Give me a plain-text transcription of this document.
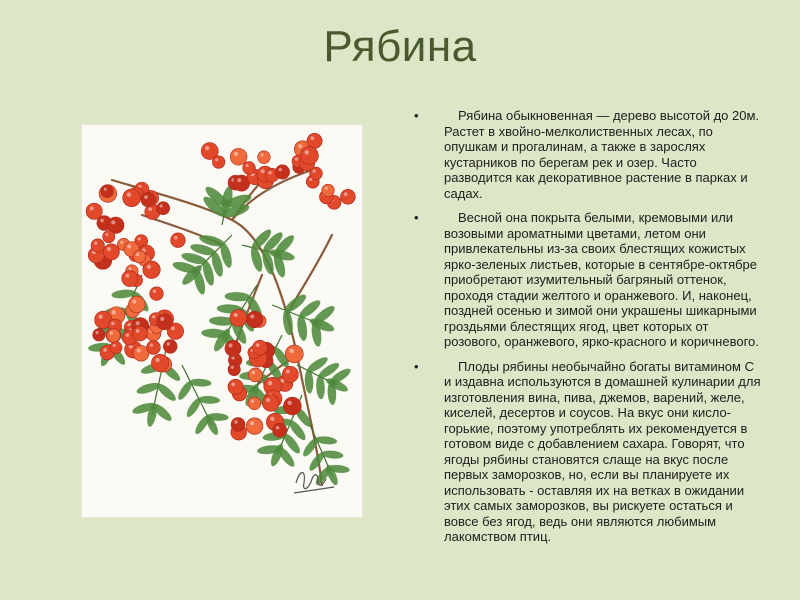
Рябина
•	Рябина обыкновенная — дерево высотой до 20м. Растет в хвойно-мелколиственных лесах, по опушкам и прогалинам, а также в зарослях кустарников по берегам рек и озер. Часто разводится как декоративное растение в парках и садах.
•	Весной она покрыта белыми, кремовыми или возовыми ароматными цветами, летом они привлекательны из-за своих блестящих кожистых ярко-зеленых листьев, которые в сентябре-октябре приобретают изумительный багряный оттенок, проходя стадии желтого и оранжевого. И, наконец, поздней осенью и зимой они украшены шикарными гроздьями блестящих ягод, цвет которых от розового, оранжевого, ярко-красного и коричневого.
•	Плоды рябины необычайно богаты витамином С и издавна используются в домашней кулинарии для изготовления вина, пива, джемов, варений, желе, киселей, десертов и соусов. На вкус они кисло-горькие, поэтому употреблять их рекомендуется в готовом виде с добавлением сахара. Говорят, что ягоды рябины становятся слаще на вкус после первых заморозков, но, если вы планируете их использовать - оставляя их на ветках в ожидании этих самых заморозков, вы рискуете остаться и вовсе без ягод, ведь они являются любимым лакомством птиц.
